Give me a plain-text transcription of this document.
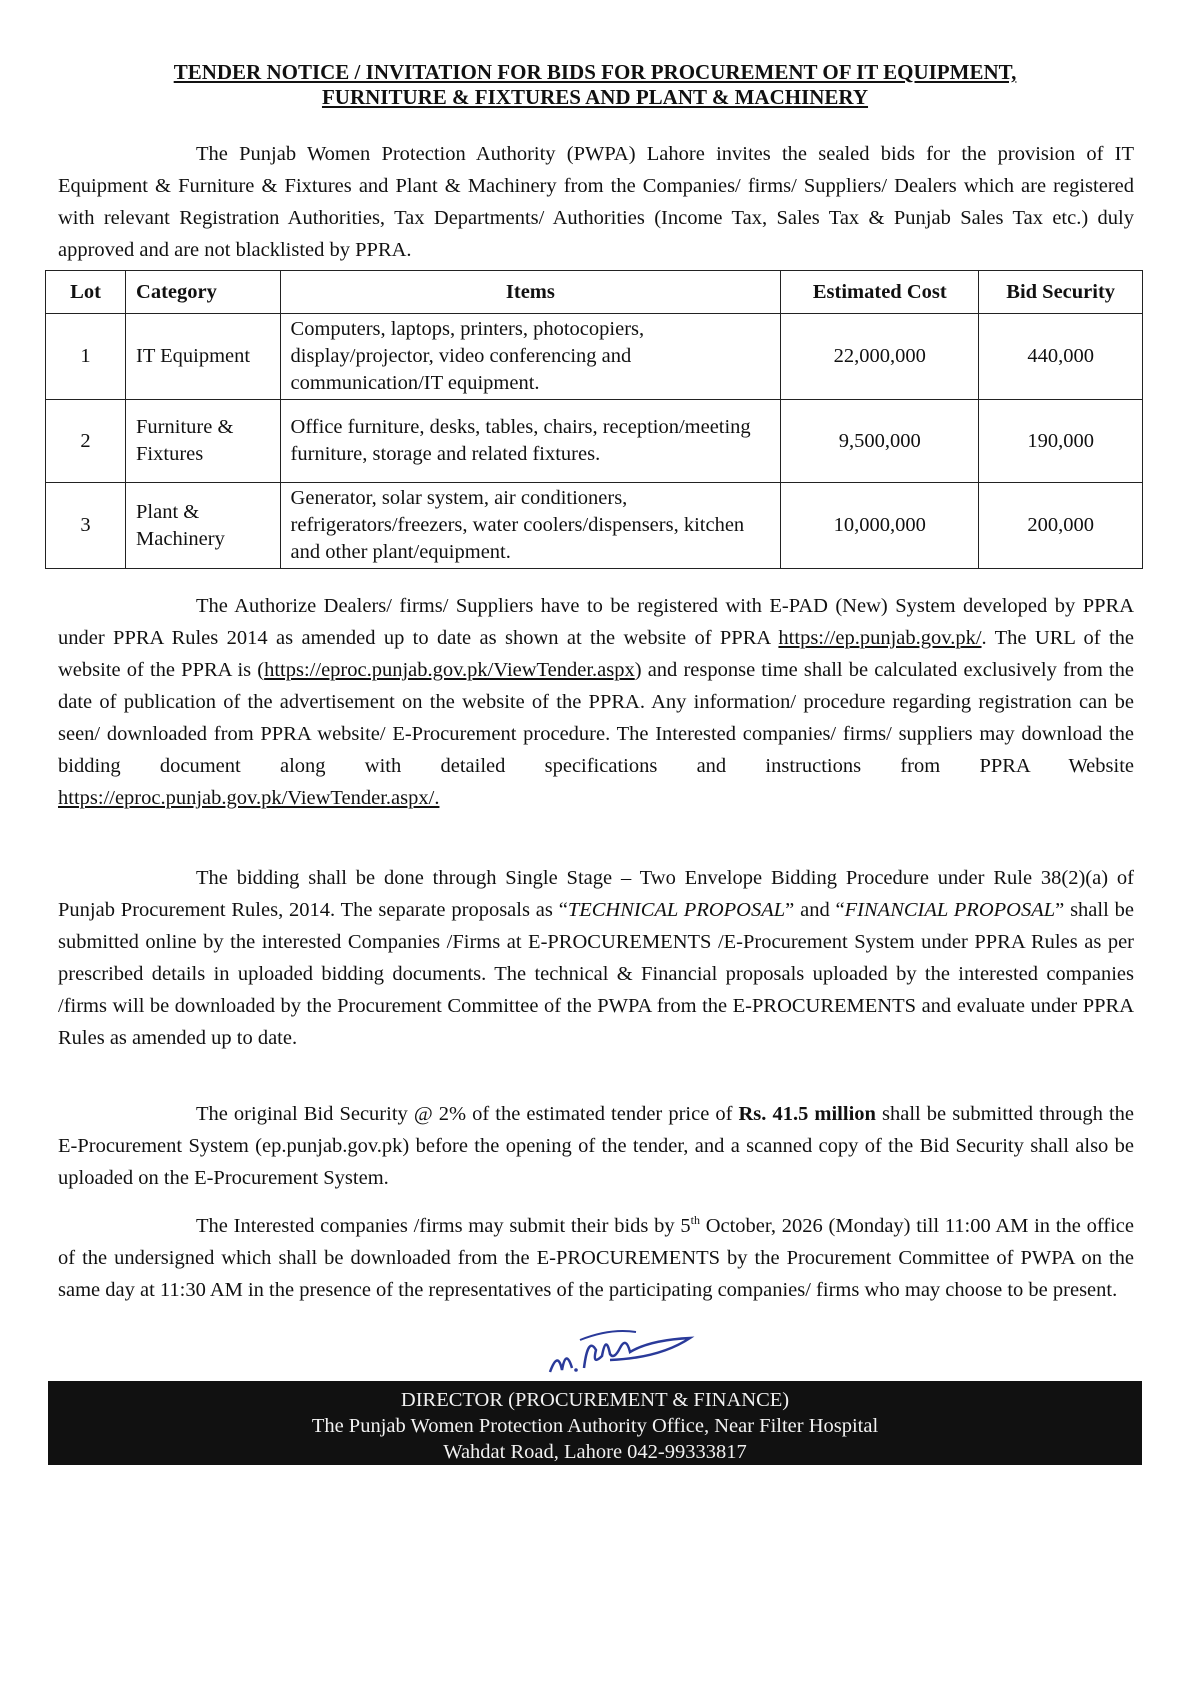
TENDER NOTICE / INVITATION FOR BIDS FOR PROCUREMENT OF IT EQUIPMENT,
FURNITURE & FIXTURES AND PLANT & MACHINERY

The Punjab Women Protection Authority (PWPA) Lahore invites the sealed bids for the provision of IT Equipment & Furniture & Fixtures and Plant & Machinery from the Companies/ firms/ Suppliers/ Dealers which are registered with relevant Registration Authorities, Tax Departments/ Authorities (Income Tax, Sales Tax & Punjab Sales Tax etc.) duly approved and are not blacklisted by PPRA.

Lot	Category	Items	Estimated Cost	Bid Security
1	IT Equipment	Computers, laptops, printers, photocopiers, display/projector, video conferencing and communication/IT equipment.	22,000,000	440,000
2	Furniture & Fixtures	Office furniture, desks, tables, chairs, reception/meeting furniture, storage and related fixtures.	9,500,000	190,000
3	Plant & Machinery	Generator, solar system, air conditioners, refrigerators/freezers, water coolers/dispensers, kitchen and other plant/equipment.	10,000,000	200,000

The Authorize Dealers/ firms/ Suppliers have to be registered with E-PAD (New) System developed by PPRA under PPRA Rules 2014 as amended up to date as shown at the website of PPRA https://ep.punjab.gov.pk/. The URL of the website of the PPRA is (https://eproc.punjab.gov.pk/ViewTender.aspx) and response time shall be calculated exclusively from the date of publication of the advertisement on the website of the PPRA. Any information/ procedure regarding registration can be seen/ downloaded from PPRA website/ E-Procurement procedure. The Interested companies/ firms/ suppliers may download the bidding document along with detailed specifications and instructions from PPRA Website https://eproc.punjab.gov.pk/ViewTender.aspx/.

The bidding shall be done through Single Stage – Two Envelope Bidding Procedure under Rule 38(2)(a) of Punjab Procurement Rules, 2014. The separate proposals as “TECHNICAL PROPOSAL” and “FINANCIAL PROPOSAL” shall be submitted online by the interested Companies /Firms at E-PROCUREMENTS /E-Procurement System under PPRA Rules as per prescribed details in uploaded bidding documents. The technical & Financial proposals uploaded by the interested companies /firms will be downloaded by the Procurement Committee of the PWPA from the E-PROCUREMENTS and evaluate under PPRA Rules as amended up to date.

The original Bid Security @ 2% of the estimated tender price of Rs. 41.5 million shall be submitted through the E-Procurement System (ep.punjab.gov.pk) before the opening of the tender, and a scanned copy of the Bid Security shall also be uploaded on the E-Procurement System.

The Interested companies /firms may submit their bids by 5th October, 2026 (Monday) till 11:00 AM in the office of the undersigned which shall be downloaded from the E-PROCUREMENTS by the Procurement Committee of PWPA on the same day at 11:30 AM in the presence of the representatives of the participating companies/ firms who may choose to be present.

DIRECTOR (PROCUREMENT & FINANCE)
The Punjab Women Protection Authority Office, Near Filter Hospital
Wahdat Road, Lahore 042-99333817
